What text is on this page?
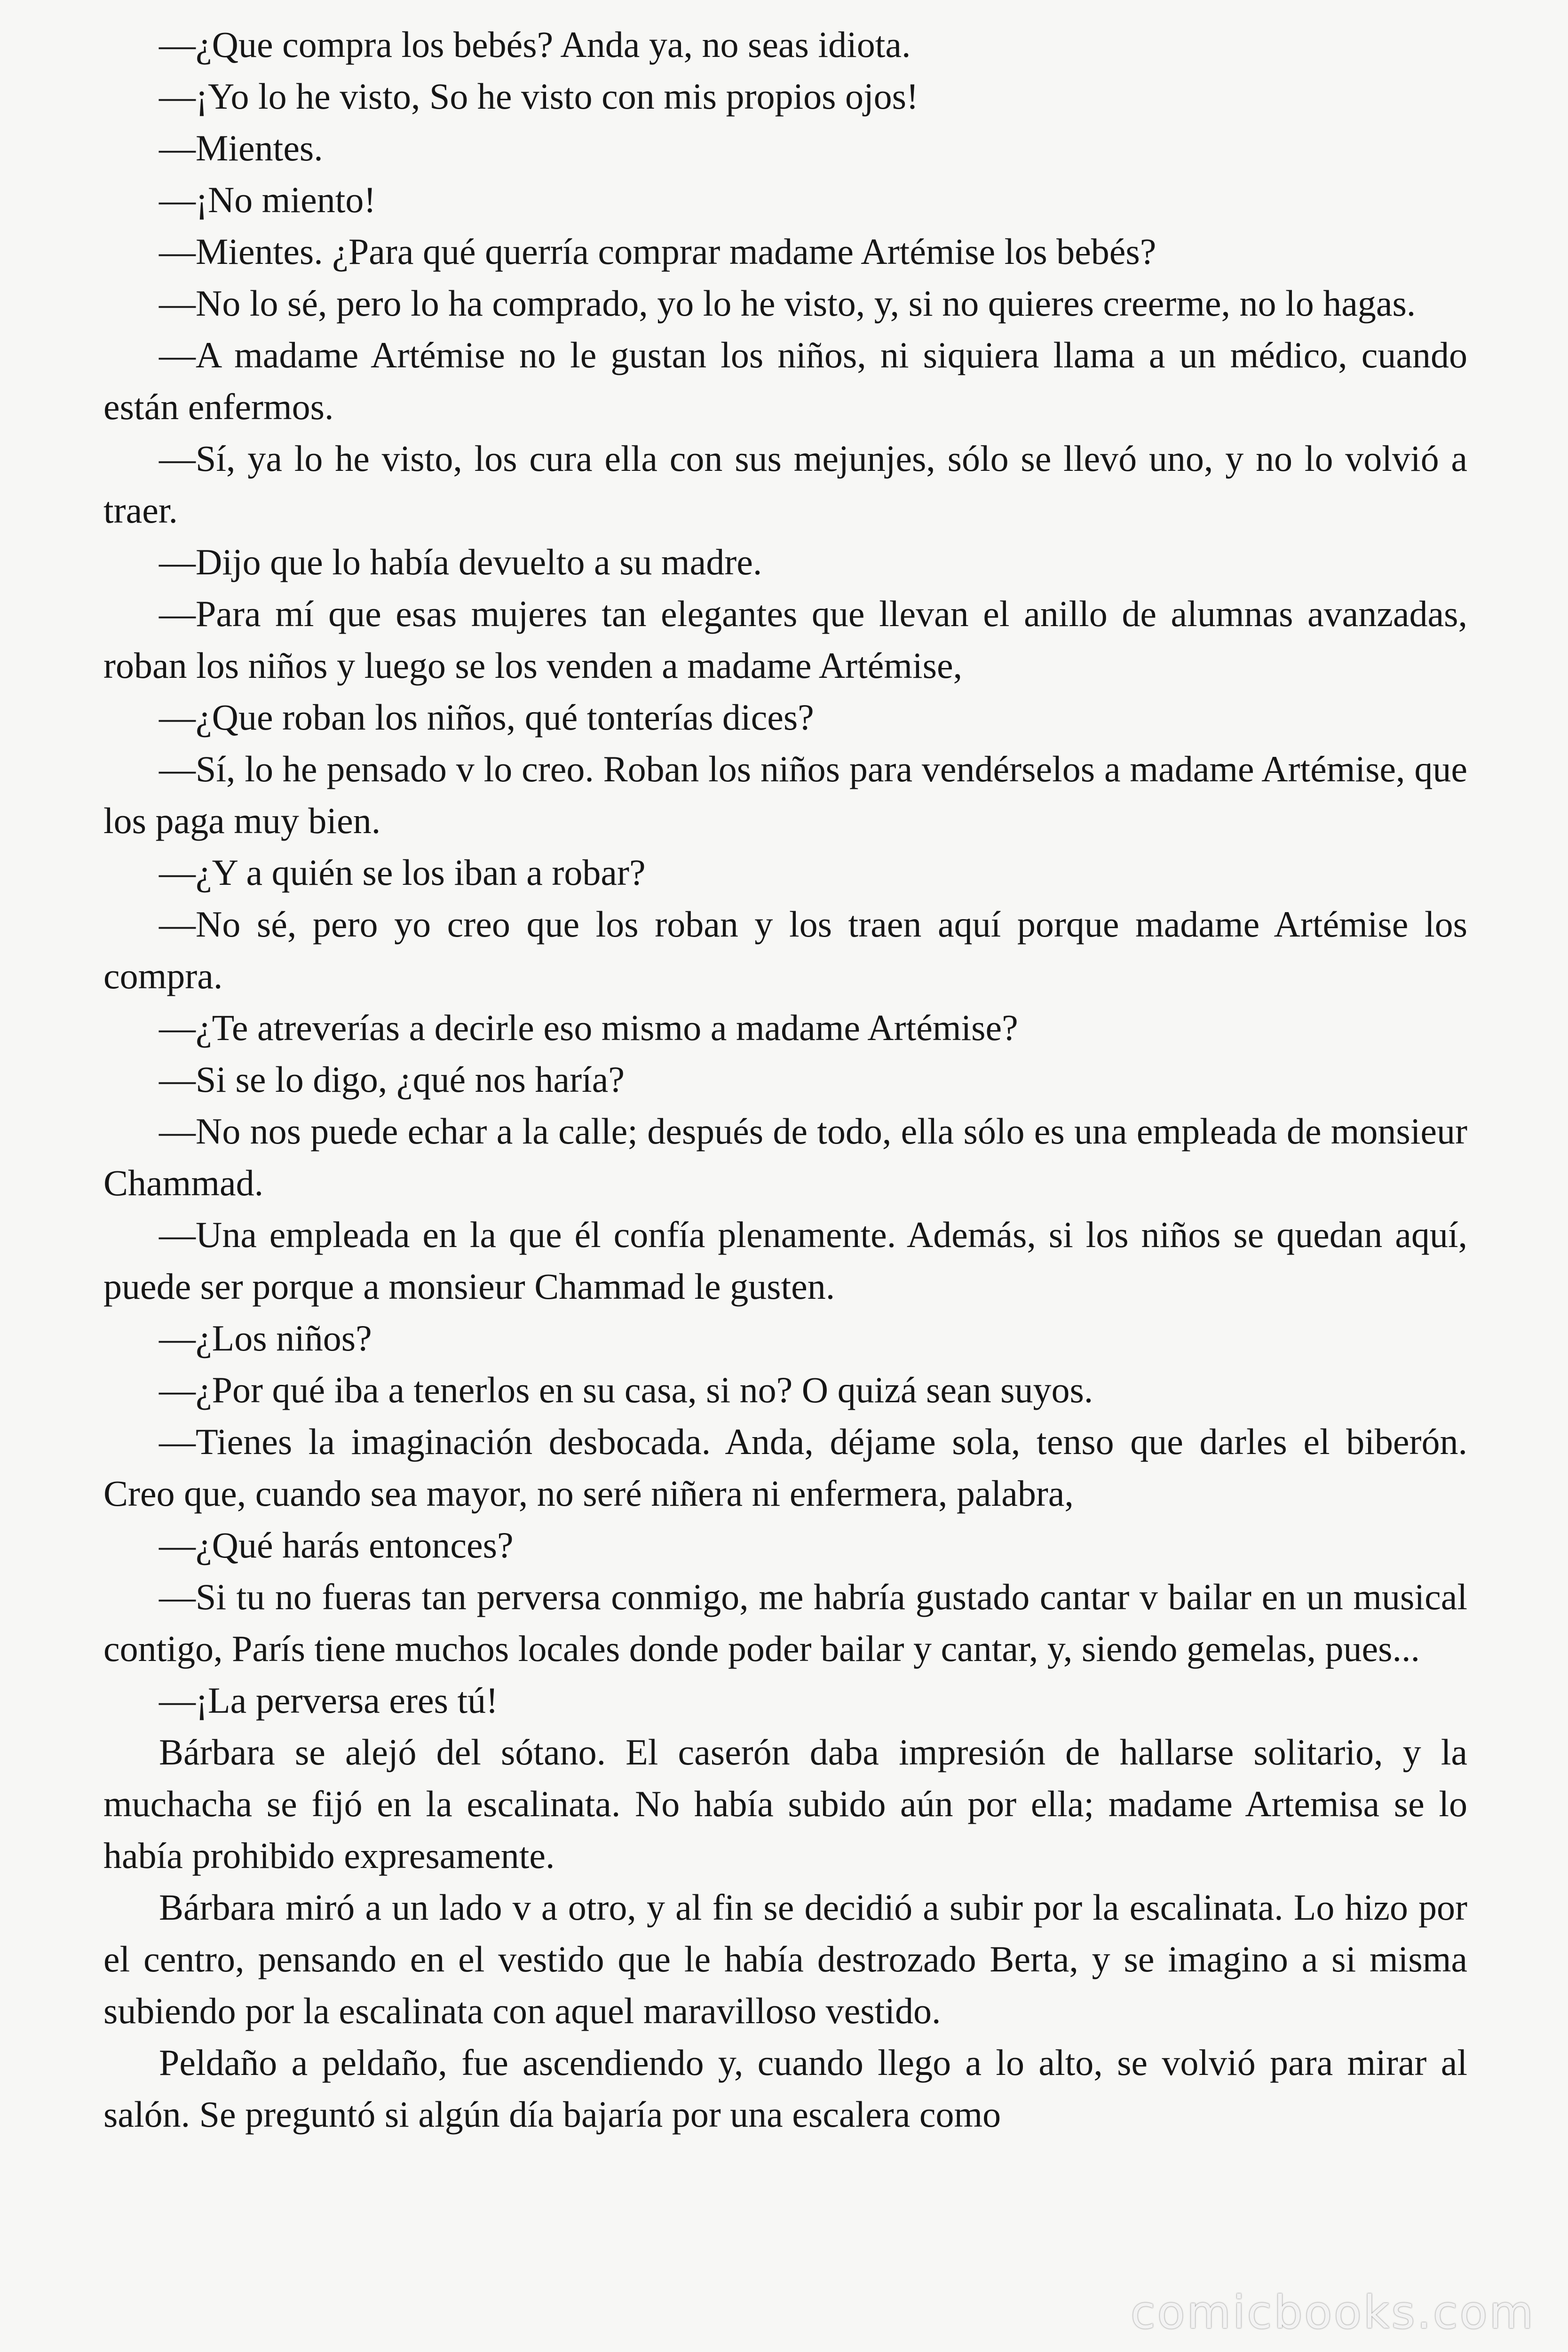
—¿Que compra los bebés? Anda ya, no seas idiota.

—¡Yo lo he visto, So he visto con mis propios ojos!

—Mientes.

—¡No miento!

—Mientes. ¿Para qué querría comprar madame Artémise los bebés?

—No lo sé, pero lo ha comprado, yo lo he visto, y, si no quieres creerme, no lo hagas.

—A madame Artémise no le gustan los niños, ni siquiera llama a un médico, cuando están enfermos.

—Sí, ya lo he visto, los cura ella con sus mejunjes, sólo se llevó uno, y no lo volvió a traer.

—Dijo que lo había devuelto a su madre.

—Para mí que esas mujeres tan elegantes que llevan el anillo de alumnas avanzadas, roban los niños y luego se los venden a madame Artémise,

—¿Que roban los niños, qué tonterías dices?

—Sí, lo he pensado v lo creo. Roban los niños para vendérselos a madame Artémise, que los paga muy bien.

—¿Y a quién se los iban a robar?

—No sé, pero yo creo que los roban y los traen aquí porque madame Artémise los compra.

—¿Te atreverías a decirle eso mismo a madame Artémise?

—Si se lo digo, ¿qué nos haría?

—No nos puede echar a la calle; después de todo, ella sólo es una empleada de monsieur Chammad.

—Una empleada en la que él confía plenamente. Además, si los niños se quedan aquí, puede ser porque a monsieur Chammad le gusten.

—¿Los niños?

—¿Por qué iba a tenerlos en su casa, si no? O quizá sean suyos.

—Tienes la imaginación desbocada. Anda, déjame sola, tenso que darles el biberón. Creo que, cuando sea mayor, no seré niñera ni enfermera, palabra,

—¿Qué harás entonces?

—Si tu no fueras tan perversa conmigo, me habría gustado cantar v bailar en un musical contigo, París tiene muchos locales donde poder bailar y cantar, y, siendo gemelas, pues...

—¡La perversa eres tú!

Bárbara se alejó del sótano. El caserón daba impresión de hallarse solitario, y la muchacha se fijó en la escalinata. No había subido aún por ella; madame Artemisa se lo había prohibido expresamente.

Bárbara miró a un lado v a otro, y al fin se decidió a subir por la escalinata. Lo hizo por el centro, pensando en el vestido que le había destrozado Berta, y se imagino a si misma subiendo por la escalinata con aquel maravilloso vestido.

Peldaño a peldaño, fue ascendiendo y, cuando llego a lo alto, se volvió para mirar al salón. Se preguntó si algún día bajaría por una escalera como

comicbooks.com
